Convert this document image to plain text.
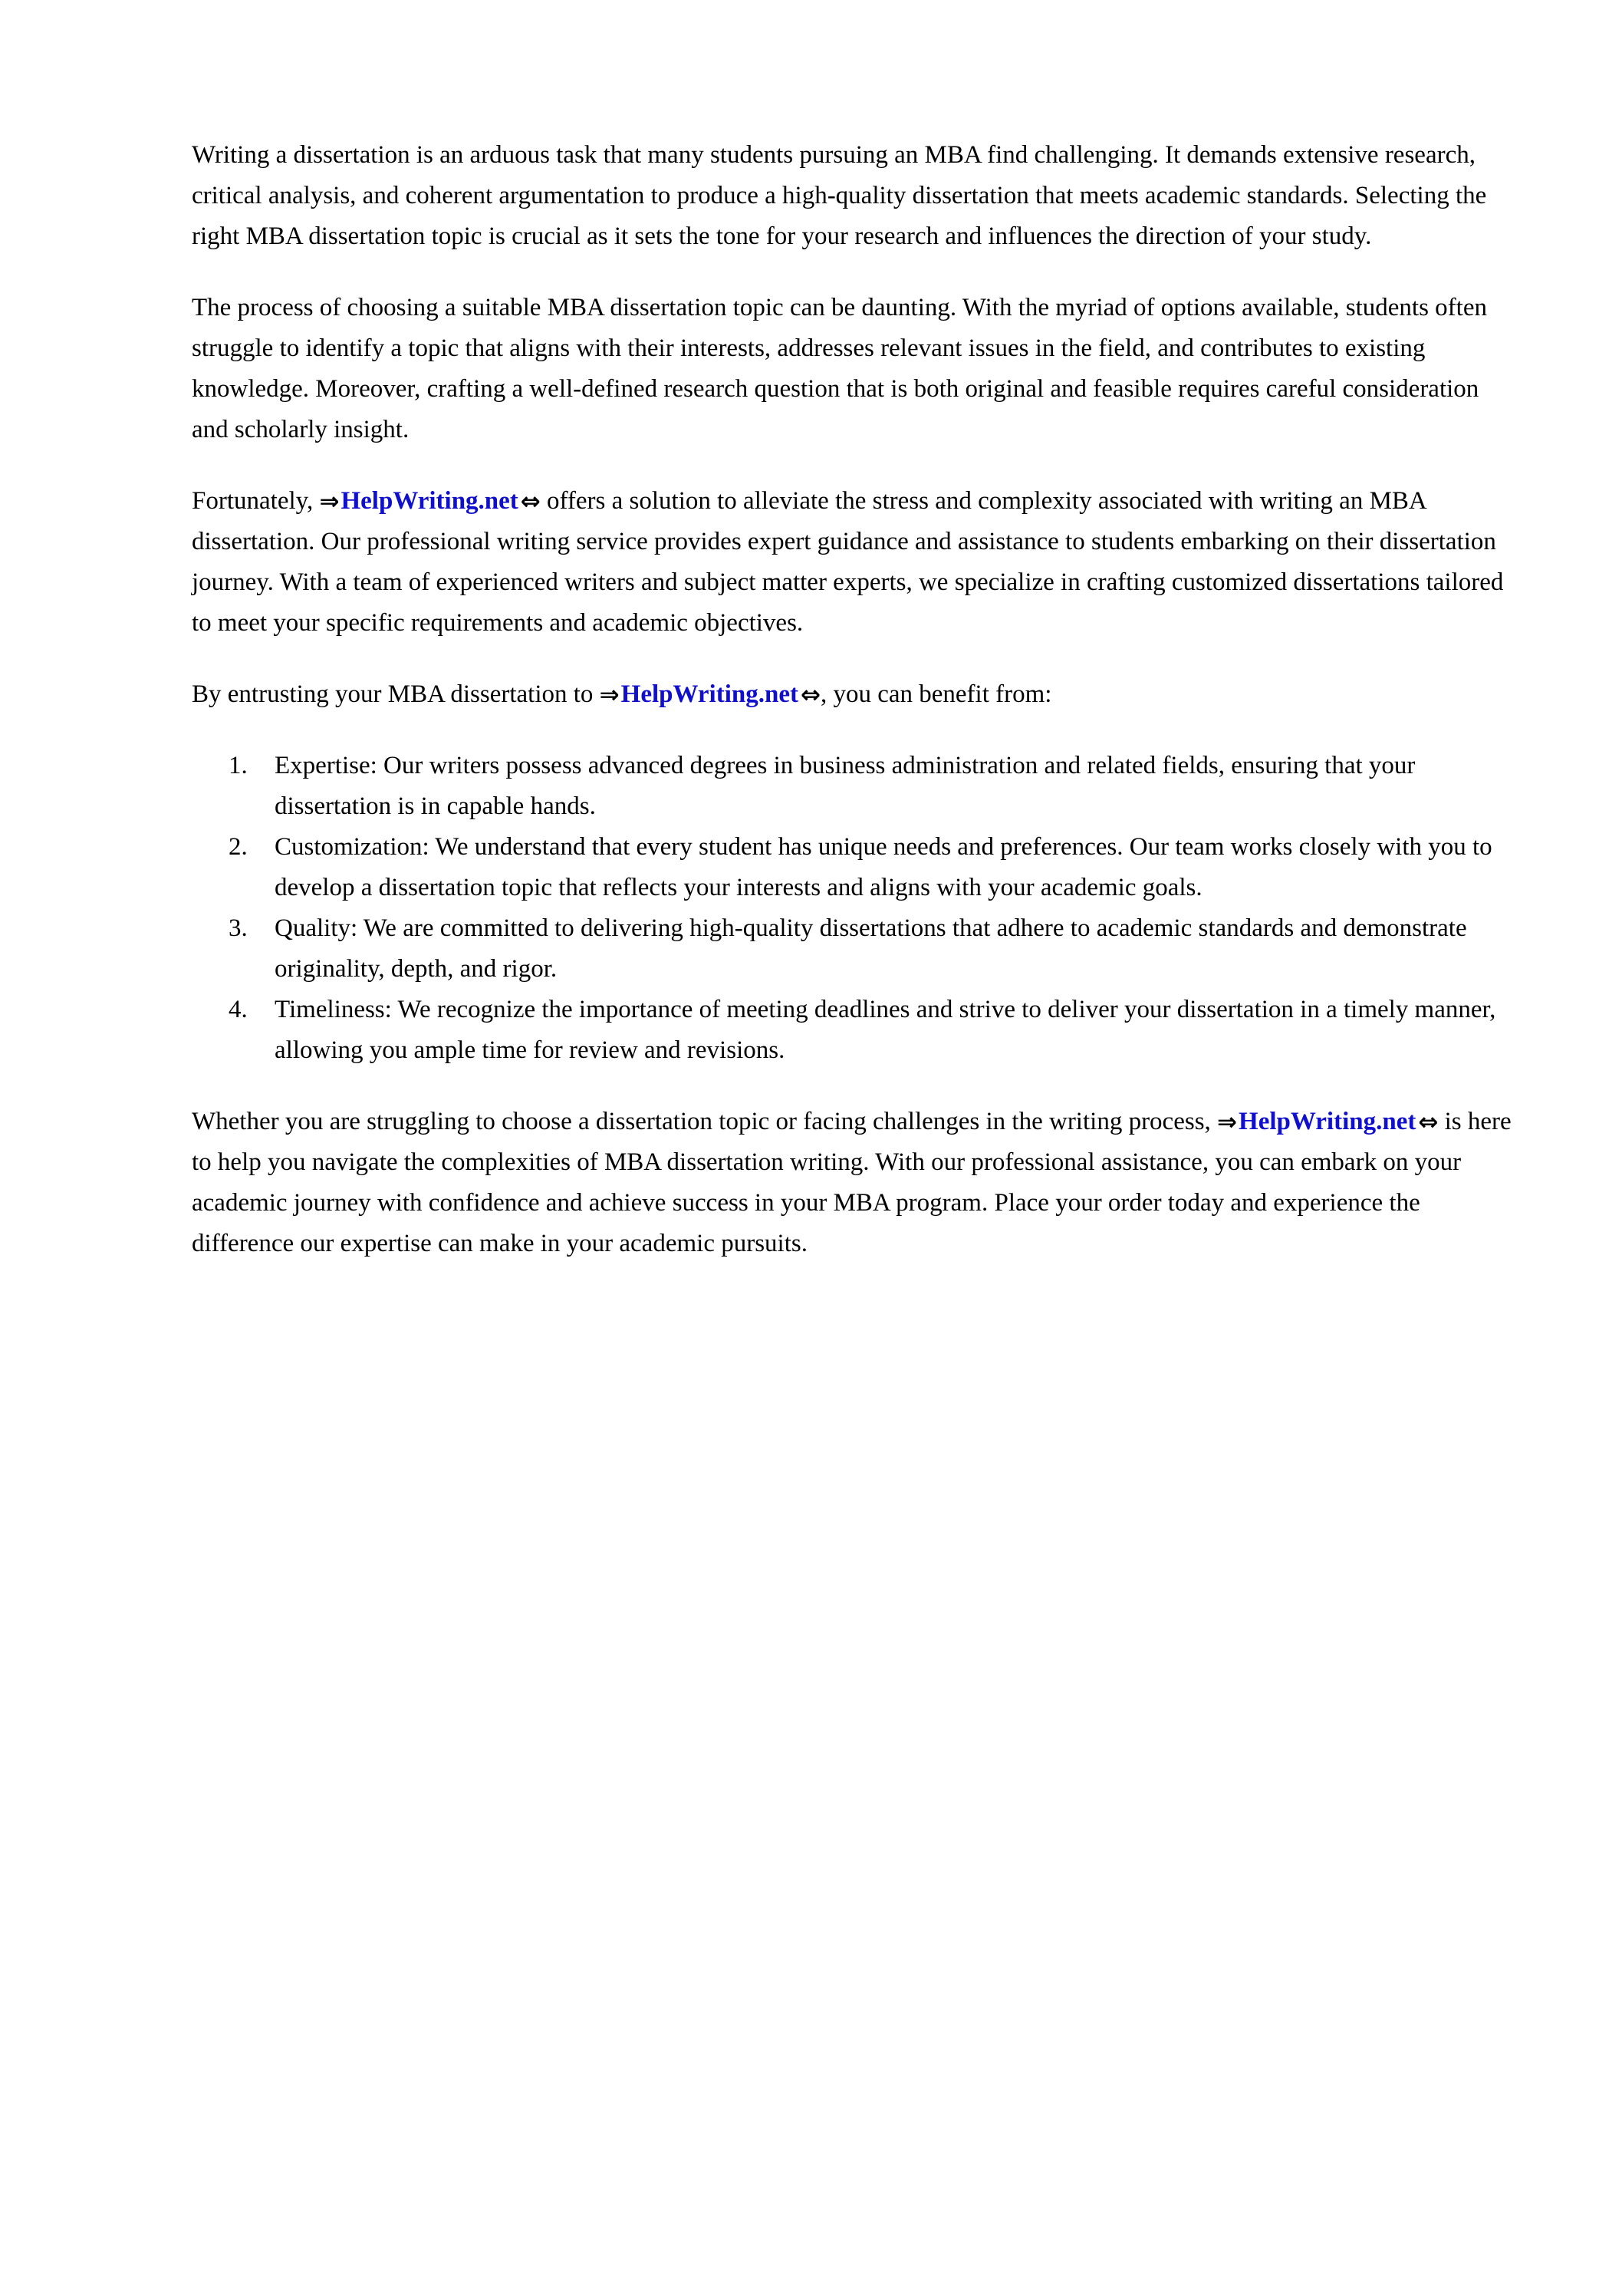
Writing a dissertation is an arduous task that many students pursuing an MBA find challenging. It demands extensive research, critical analysis, and coherent argumentation to produce a high-quality dissertation that meets academic standards. Selecting the right MBA dissertation topic is crucial as it sets the tone for your research and influences the direction of your study.

The process of choosing a suitable MBA dissertation topic can be daunting. With the myriad of options available, students often struggle to identify a topic that aligns with their interests, addresses relevant issues in the field, and contributes to existing knowledge. Moreover, crafting a well-defined research question that is both original and feasible requires careful consideration and scholarly insight.

Fortunately, ⇒HelpWriting.net⇔ offers a solution to alleviate the stress and complexity associated with writing an MBA dissertation. Our professional writing service provides expert guidance and assistance to students embarking on their dissertation journey. With a team of experienced writers and subject matter experts, we specialize in crafting customized dissertations tailored to meet your specific requirements and academic objectives.

By entrusting your MBA dissertation to ⇒HelpWriting.net⇔, you can benefit from:

Expertise: Our writers possess advanced degrees in business administration and related fields, ensuring that your dissertation is in capable hands.
Customization: We understand that every student has unique needs and preferences. Our team works closely with you to develop a dissertation topic that reflects your interests and aligns with your academic goals.
Quality: We are committed to delivering high-quality dissertations that adhere to academic standards and demonstrate originality, depth, and rigor.
Timeliness: We recognize the importance of meeting deadlines and strive to deliver your dissertation in a timely manner, allowing you ample time for review and revisions.

Whether you are struggling to choose a dissertation topic or facing challenges in the writing process, ⇒HelpWriting.net⇔ is here to help you navigate the complexities of MBA dissertation writing. With our professional assistance, you can embark on your academic journey with confidence and achieve success in your MBA program. Place your order today and experience the difference our expertise can make in your academic pursuits.
